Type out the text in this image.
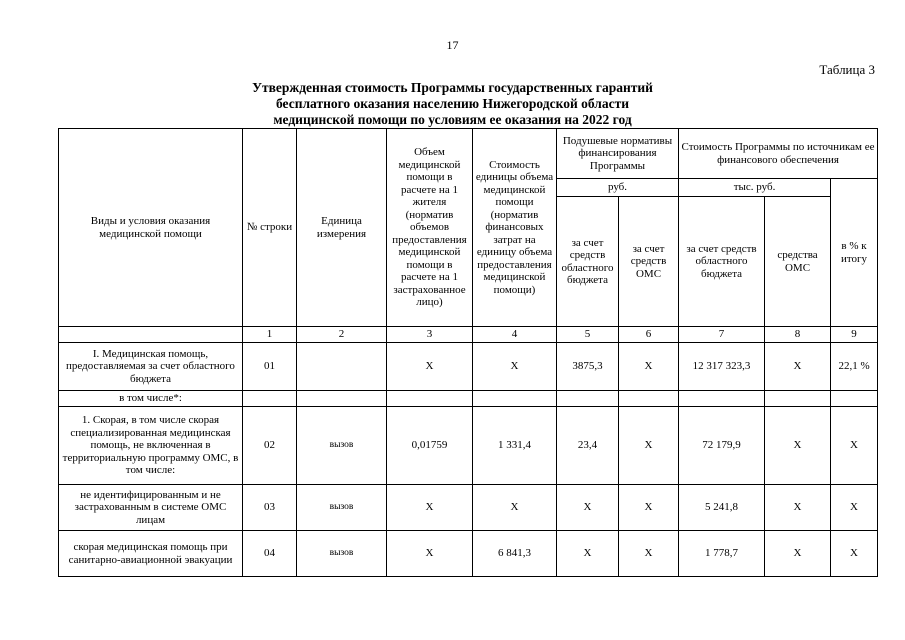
17
Таблица 3
Утвержденная стоимость Программы государственных гарантий
бесплатного оказания населению Нижегородской области
медицинской помощи по условиям ее оказания на 2022 год
Виды и условия оказания медицинской помощи	№ строки	Единица измерения	Объем медицинской помощи в расчете на 1 жителя (норматив объемов предоставления медицинской помощи в расчете на 1 застрахованное лицо)	Стоимость единицы объема медицинской помощи (норматив финансовых затрат на единицу объема предоставления медицинской помощи)	Подушевые нормативы финансирования Программы		Стоимость Программы по источникам ее финансового обеспечения		
					руб.		тыс. руб.		в % к итогу
					за счет средств областного бюджета	за счет средств ОМС	за счет средств областного бюджета	средства ОМС	
	1	2	3	4	5	6	7	8	9
I. Медицинская помощь, предоставляемая за счет областного бюджета	01		X	X	3875,3	X	12 317 323,3	X	22,1 %
в том числе*:									
1. Скорая, в том числе скорая специализированная медицинская помощь, не включенная в территориальную программу ОМС, в том числе:	02	вызов	0,01759	1 331,4	23,4	X	72 179,9	X	X
не идентифицированным и не застрахованным в системе ОМС лицам	03	вызов	X	X	X	X	5 241,8	X	X
скорая медицинская помощь при санитарно-авиационной эвакуации	04	вызов	X	6 841,3	X	X	1 778,7	X	X
